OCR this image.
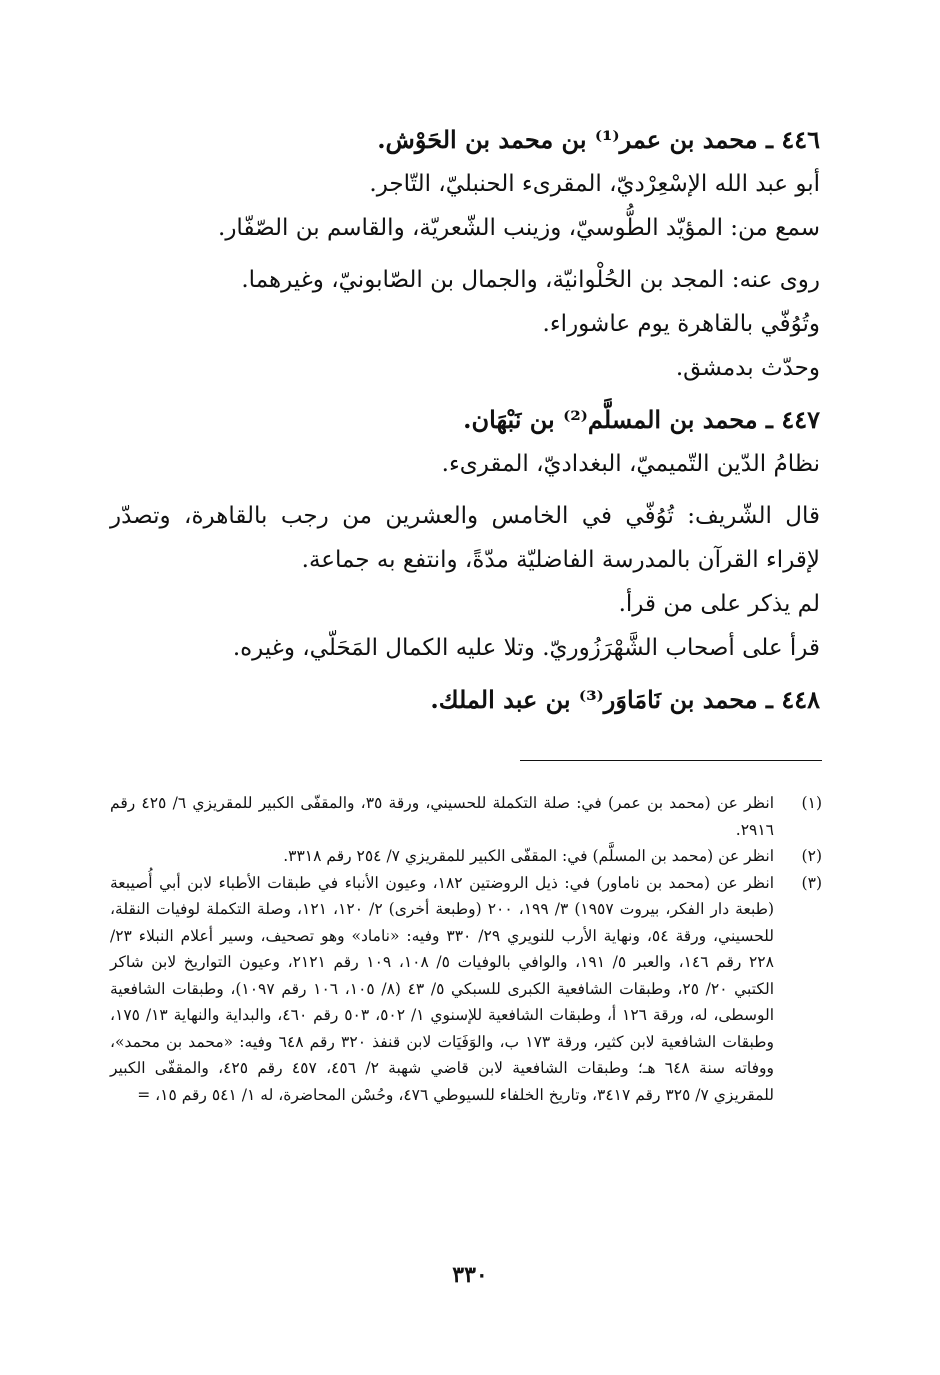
٤٤٦ ـ محمد بن عمر⁽¹⁾ بن محمد بن الحَوْش.

أبو عبد الله الإسْعِرْديّ، المقرىء الحنبليّ، التّاجر.

سمع من: المؤيّد الطُّوسيّ، وزينب الشّعريّة، والقاسم بن الصّفّار.

روى عنه: المجد بن الحُلْوانيّة، والجمال بن الصّابونيّ، وغيرهما.

وتُوُفّي بالقاهرة يوم عاشوراء.

وحدّث بدمشق.

٤٤٧ ـ محمد بن المسلَّم⁽²⁾ بن نَبْهَان.

نظامُ الدّين التّميميّ، البغداديّ، المقرىء.

قال الشّريف: تُوُفّي في الخامس والعشرين من رجب بالقاهرة، وتصدّر

لإقراء القرآن بالمدرسة الفاضليّة مدّةً، وانتفع به جماعة.

لم يذكر على من قرأ.

قرأ على أصحاب الشَّهْرَزُوريّ. وتلا عليه الكمال المَحَلّي، وغيره.

٤٤٨ ـ محمد بن نَامَاوَر⁽³⁾ بن عبد الملك.

(١)
انظر عن (محمد بن عمر) في: صلة التكملة للحسيني، ورقة ٣٥، والمقفّى الكبير للمقريزي ٦/ ٤٢٥ رقم ٢٩١٦.
(٢)
انظر عن (محمد بن المسلَّم) في: المقفّى الكبير للمقريزي ٧/ ٢٥٤ رقم ٣٣١٨.
(٣)
انظر عن (محمد بن ناماور) في: ذيل الروضتين ١٨٢، وعيون الأنباء في طبقات الأطباء لابن أبي أُصيبعة (طبعة دار الفكر، بيروت ١٩٥٧) ٣/ ١٩٩، ٢٠٠ (وطبعة أخرى) ٢/ ١٢٠، ١٢١، وصلة التكملة لوفيات النقلة، للحسيني، ورقة ٥٤، ونهاية الأرب للنويري ٢٩/ ٣٣٠ وفيه: «ناماد» وهو تصحيف، وسير أعلام النبلاء ٢٣/ ٢٢٨ رقم ١٤٦، والعبر ٥/ ١٩١، والوافي بالوفيات ٥/ ١٠٨، ١٠٩ رقم ٢١٢١، وعيون التواريخ لابن شاكر الكتبي ٢٠/ ٢٥، وطبقات الشافعية الكبرى للسبكي ٥/ ٤٣ (٨/ ١٠٥، ١٠٦ رقم ١٠٩٧)، وطبقات الشافعية الوسطى، له، ورقة ١٢٦ أ، وطبقات الشافعية للإسنوي ١/ ٥٠٢، ٥٠٣ رقم ٤٦٠، والبداية والنهاية ١٣/ ١٧٥، وطبقات الشافعية لابن كثير، ورقة ١٧٣ ب، والوَفَيَات لابن قنفذ ٣٢٠ رقم ٦٤٨ وفيه: «محمد بن محمد»، ووفاته سنة ٦٤٨ هـ؛ وطبقات الشافعية لابن قاضي شهبة ٢/ ٤٥٦، ٤٥٧ رقم ٤٢٥، والمقفّى الكبير للمقريزي ٧/ ٣٢٥ رقم ٣٤١٧، وتاريخ الخلفاء للسيوطي ٤٧٦، وحُسْن المحاضرة، له ١/ ٥٤١ رقم ١٥، =
٣٣٠
